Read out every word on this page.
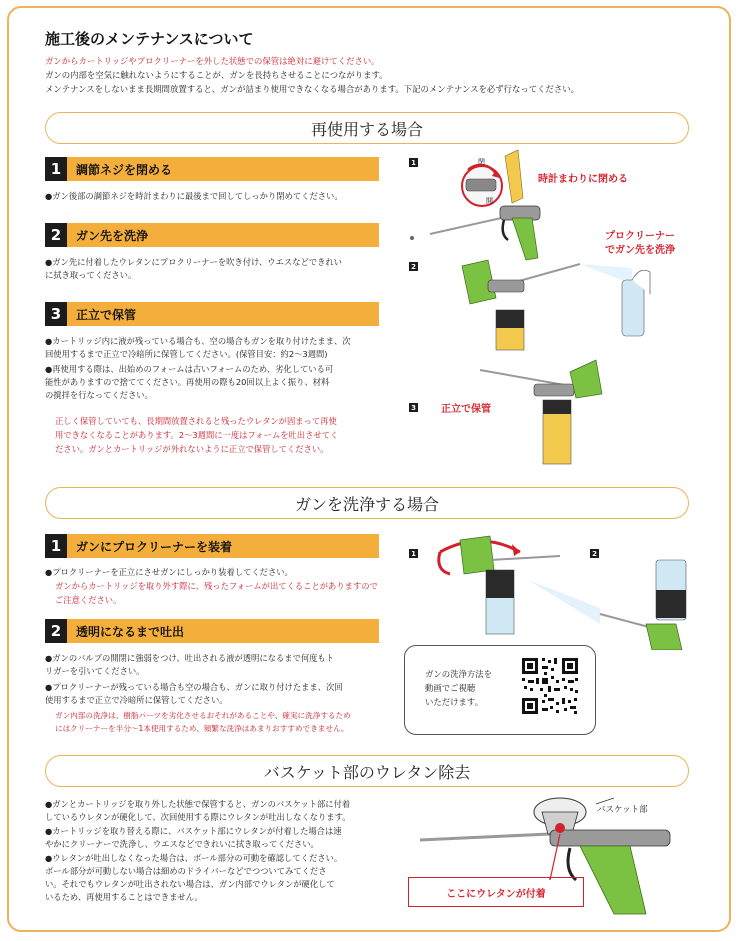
施工後のメンテナンスについて
ガンからカートリッジやプロクリーナーを外した状態での保管は絶対に避けてください。
ガンの内部を空気に触れないようにすることが、ガンを長持ちさせることにつながります。
メンテナンスをしないまま長期間放置すると、ガンが詰まり使用できなくなる場合があります。下記のメンテナンスを必ず行なってください。
再使用する場合
1	調節ネジを閉める
●ガン後部の調節ネジを時計まわりに最後まで回してしっかり閉めてください。
2	ガン先を洗浄
●ガン先に付着したウレタンにプロクリーナーを吹き付け、ウエスなどできれい
に拭き取ってください。
3	正立で保管
●カートリッジ内に液が残っている場合も、空の場合もガンを取り付けたまま、次
回使用するまで正立で冷暗所に保管してください。(保管目安：約2～3週間)
●再使用する際は、出始めのフォームは古いフォームのため、劣化している可
能性がありますので捨ててください。再使用の際も20回以上よく振り、材料
の撹拌を行なってください。
正しく保管していても、長期間放置されると残ったウレタンが固まって再使
用できなくなることがあります。2～3週間に一度はフォームを吐出させてく
ださい。ガンとカートリッジが外れないように正立で保管してください。
1
2
3
閉
開
時計まわりに閉める
プロクリーナー
でガン先を洗浄
正立で保管
ガンを洗浄する場合
1	ガンにプロクリーナーを装着
●プロクリーナーを正立にさせガンにしっかり装着してください。
ガンからカートリッジを取り外す際に、残ったフォームが出てくることがありますので
ご注意ください。
2	透明になるまで吐出
●ガンのバルブの開閉に強弱をつけ、吐出される液が透明になるまで何度もト
リガーを引いてください。
●プロクリーナーが残っている場合も空の場合も、ガンに取り付けたまま、次回
使用するまで正立で冷暗所に保管してください。
ガン内部の洗浄は、樹脂パーツを劣化させるおそれがあることや、確実に洗浄するため
にはクリーナーを半分～1本使用するため、頻繁な洗浄はあまりおすすめできません。
1	2
ガンの洗浄方法を
動画でご視聴
いただけます。
バスケット部のウレタン除去
●ガンとカートリッジを取り外した状態で保管すると、ガンのバスケット部に付着
しているウレタンが硬化して、次回使用する際にウレタンが吐出しなくなります。
●カートリッジを取り替える際に、バスケット部にウレタンが付着した場合は速
やかにクリーナーで洗浄し、ウエスなどできれいに拭き取ってください。
●ウレタンが吐出しなくなった場合は、ボール部分の可動を確認してください。
ボール部分が可動しない場合は細めのドライバーなどでつついてみてくださ
い。それでもウレタンが吐出されない場合は、ガン内部でウレタンが硬化して
いるため、再使用することはできません。
バスケット部
ここにウレタンが付着
